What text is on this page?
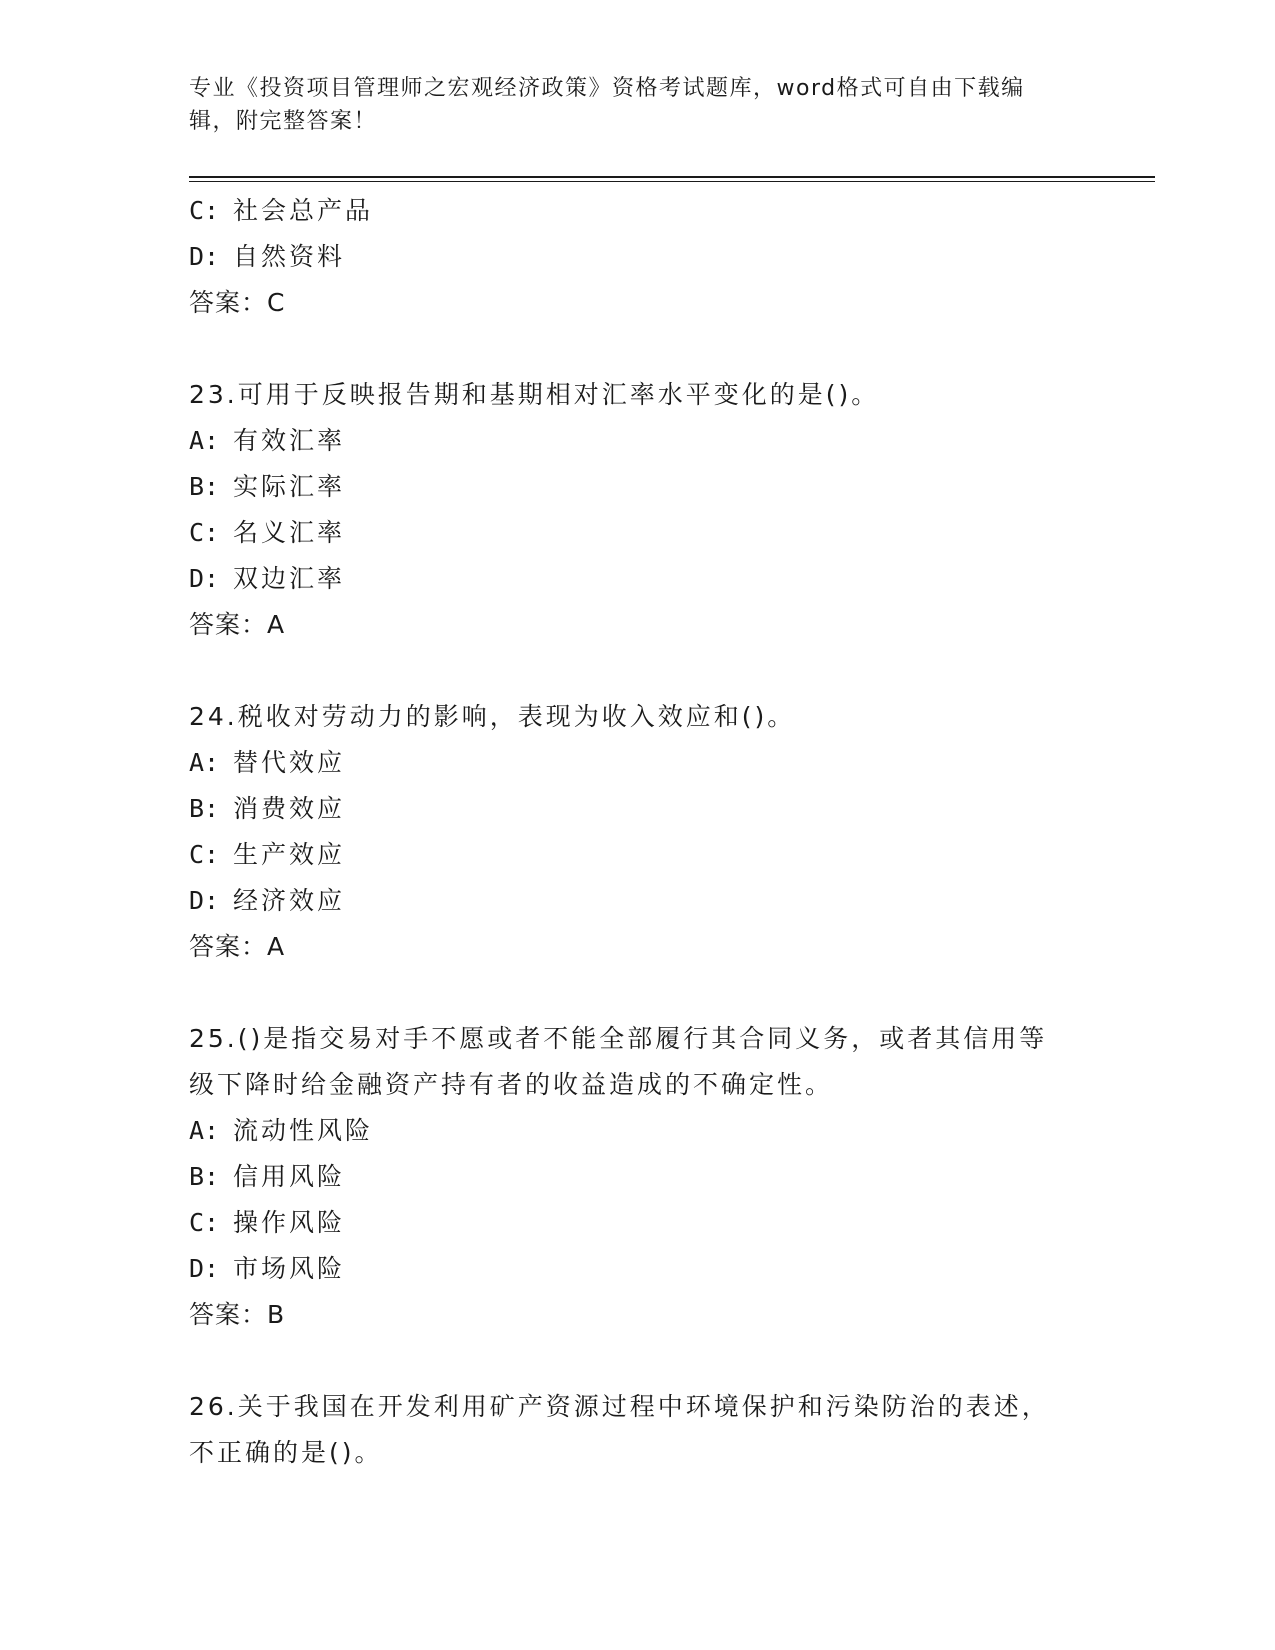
专业《投资项目管理师之宏观经济政策》资格考试题库，word格式可自由下载编
辑，附完整答案！
C: 社会总产品
D: 自然资料
答案：C
23.可用于反映报告期和基期相对汇率水平变化的是()。
A: 有效汇率
B: 实际汇率
C: 名义汇率
D: 双边汇率
答案：A
24.税收对劳动力的影响，表现为收入效应和()。
A: 替代效应
B: 消费效应
C: 生产效应
D: 经济效应
答案：A
25.()是指交易对手不愿或者不能全部履行其合同义务，或者其信用等
级下降时给金融资产持有者的收益造成的不确定性。
A: 流动性风险
B: 信用风险
C: 操作风险
D: 市场风险
答案：B
26.关于我国在开发利用矿产资源过程中环境保护和污染防治的表述，
不正确的是()。
